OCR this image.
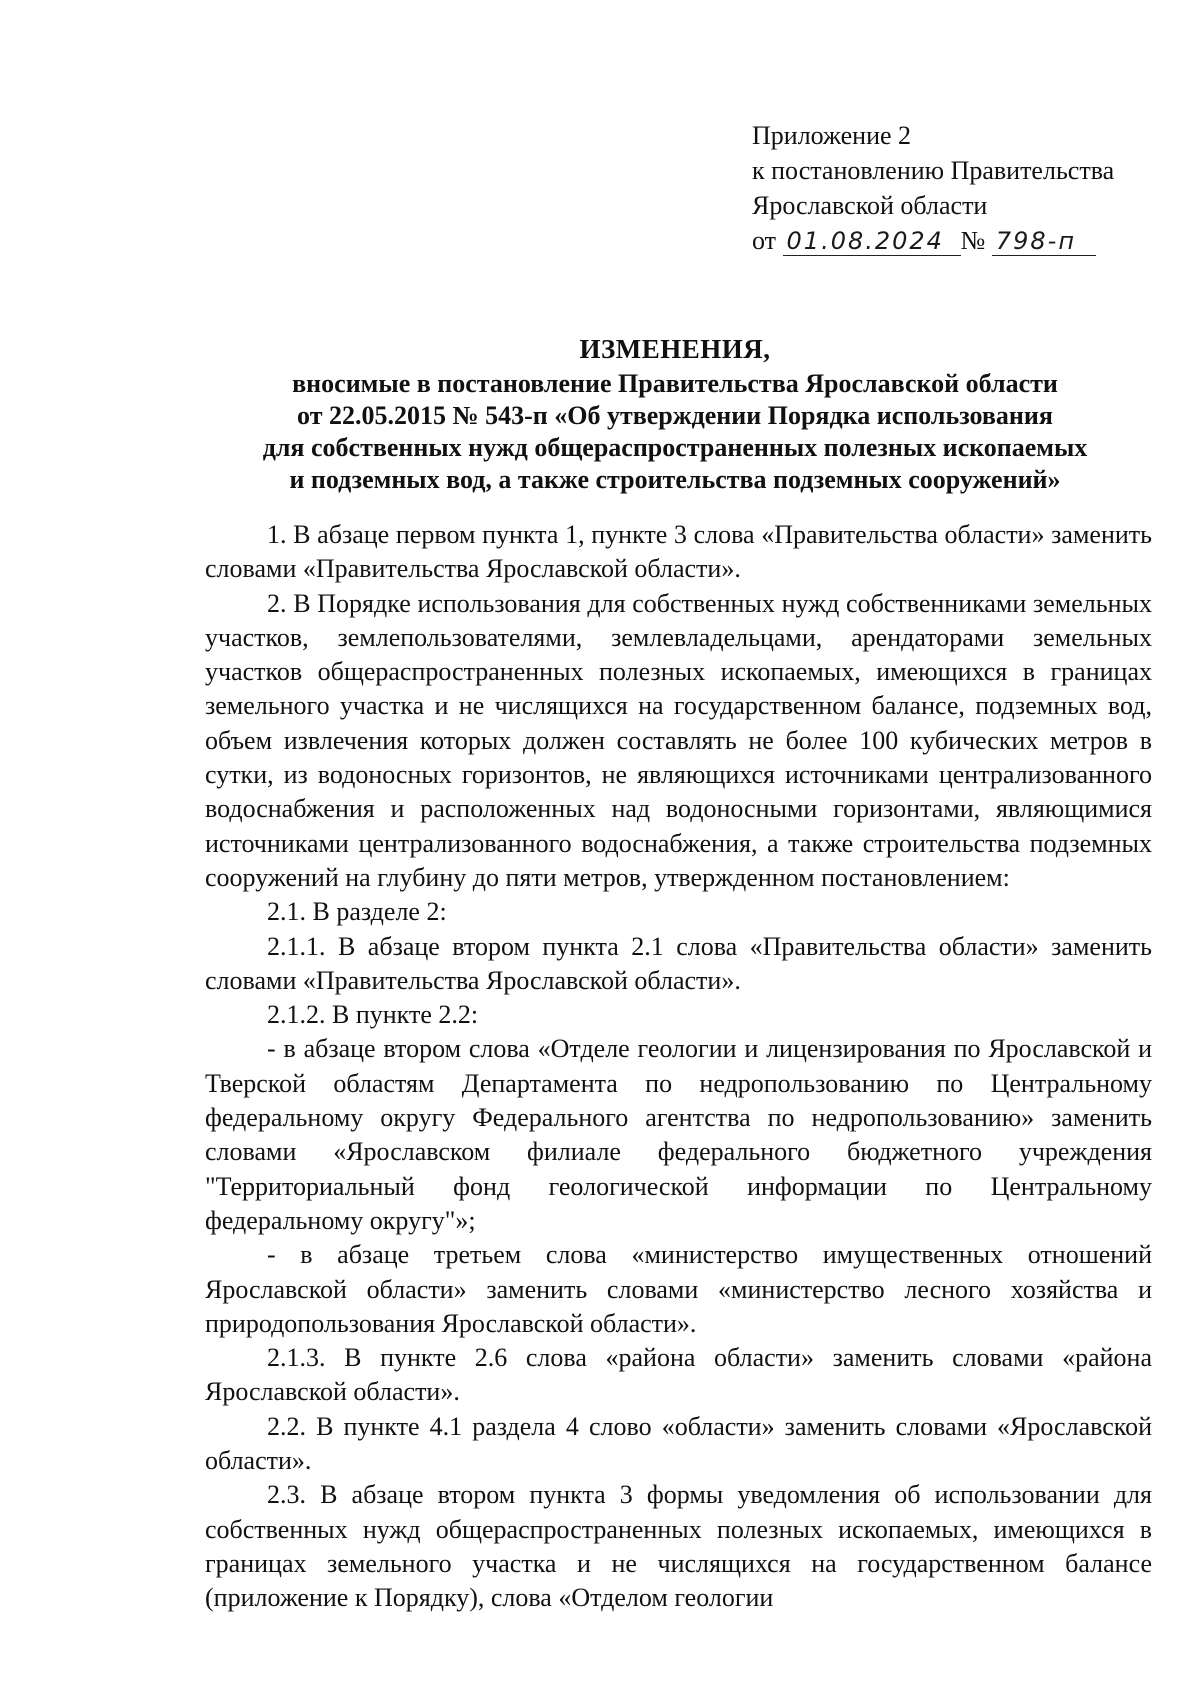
Приложение 2
к постановлению Правительства
Ярославской области
от 01.08.2024 № 798-п
ИЗМЕНЕНИЯ,
вносимые в постановление Правительства Ярославской области
от 22.05.2015 № 543-п «Об утверждении Порядка использования
для собственных нужд общераспространенных полезных ископаемых
и подземных вод, а также строительства подземных сооружений»

1. В абзаце первом пункта 1, пункте 3 слова «Правительства области» заменить словами «Правительства Ярославской области».

2. В Порядке использования для собственных нужд собственниками земельных участков, землепользователями, землевладельцами, арендаторами земельных участков общераспространенных полезных ископаемых, имеющихся в границах земельного участка и не числящихся на государственном балансе, подземных вод, объем извлечения которых должен составлять не более 100 кубических метров в сутки, из водоносных горизонтов, не являющихся источниками централизованного водоснабжения и расположенных над водоносными горизонтами, являющимися источниками централизованного водоснабжения, а также строительства подземных сооружений на глубину до пяти метров, утвержденном постановлением:

2.1. В разделе 2:

2.1.1. В абзаце втором пункта 2.1 слова «Правительства области» заменить словами «Правительства Ярославской области».

2.1.2. В пункте 2.2:

- в абзаце втором слова «Отделе геологии и лицензирования по Ярославской и Тверской областям Департамента по недропользованию по Центральному федеральному округу Федерального агентства по недропользованию» заменить словами «Ярославском филиале федерального бюджетного учреждения "Территориальный фонд геологической информации по Центральному федеральному округу"»;

- в абзаце третьем слова «министерство имущественных отношений Ярославской области» заменить словами «министерство лесного хозяйства и природопользования Ярославской области».

2.1.3. В пункте 2.6 слова «района области» заменить словами «района Ярославской области».

2.2. В пункте 4.1 раздела 4 слово «области» заменить словами «Ярославской области».

2.3. В абзаце втором пункта 3 формы уведомления об использовании для собственных нужд общераспространенных полезных ископаемых, имеющихся в границах земельного участка и не числящихся на государственном балансе (приложение к Порядку), слова «Отделом геологии
